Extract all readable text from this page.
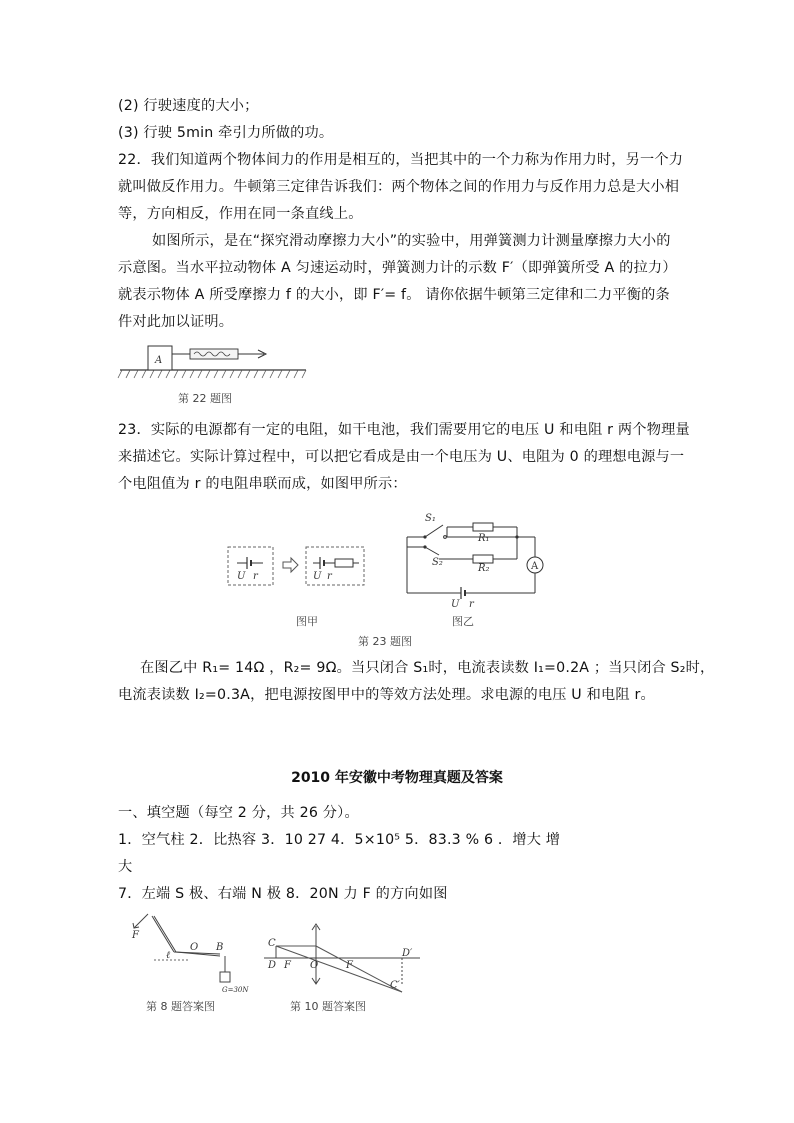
(2) 行驶速度的大小；
(3) 行驶 5min 牵引力所做的功。
22．我们知道两个物体间力的作用是相互的，当把其中的一个力称为作用力时，另一个力
就叫做反作用力。牛顿第三定律告诉我们：两个物体之间的作用力与反作用力总是大小相
等，方向相反，作用在同一条直线上。
如图所示，是在“探究滑动摩擦力大小”的实验中，用弹簧测力计测量摩擦力大小的
示意图。当水平拉动物体 A 匀速运动时，弹簧测力计的示数 F′（即弹簧所受 A 的拉力）
就表示物体 A 所受摩擦力 f 的大小，即 F′= f。 请你依据牛顿第三定律和二力平衡的条
件对此加以证明。
A
第 22 题图
23．实际的电源都有一定的电阻，如干电池，我们需要用它的电压 U 和电阻 r 两个物理量
来描述它。实际计算过程中，可以把它看成是由一个电压为 U、电阻为 0 的理想电源与一
个电阻值为 r 的电阻串联而成，如图甲所示：
U r	U r
S₁
R₁
S₂
R₂	A
U r
图甲	图乙
第 23 题图
在图乙中 R₁= 14Ω ，R₂= 9Ω。当只闭合 S₁时，电流表读数 I₁=0.2A ；当只闭合 S₂时，
电流表读数 I₂=0.3A，把电源按图甲中的等效方法处理。求电源的电压 U 和电阻 r。
2010 年安徽中考物理真题及答案
一、填空题（每空 2 分，共 26 分）。
1．空气柱 2．比热容 3．10 27 4．5×10⁵ 5．83.3 % 6 ．增大 增
大
7．左端 S 极、右端 N 极 8．20N 力 F 的方向如图
F
O B
ℓ
G=30N
第 8 题答案图
C
D F O	F
D′
C′
第 10 题答案图
